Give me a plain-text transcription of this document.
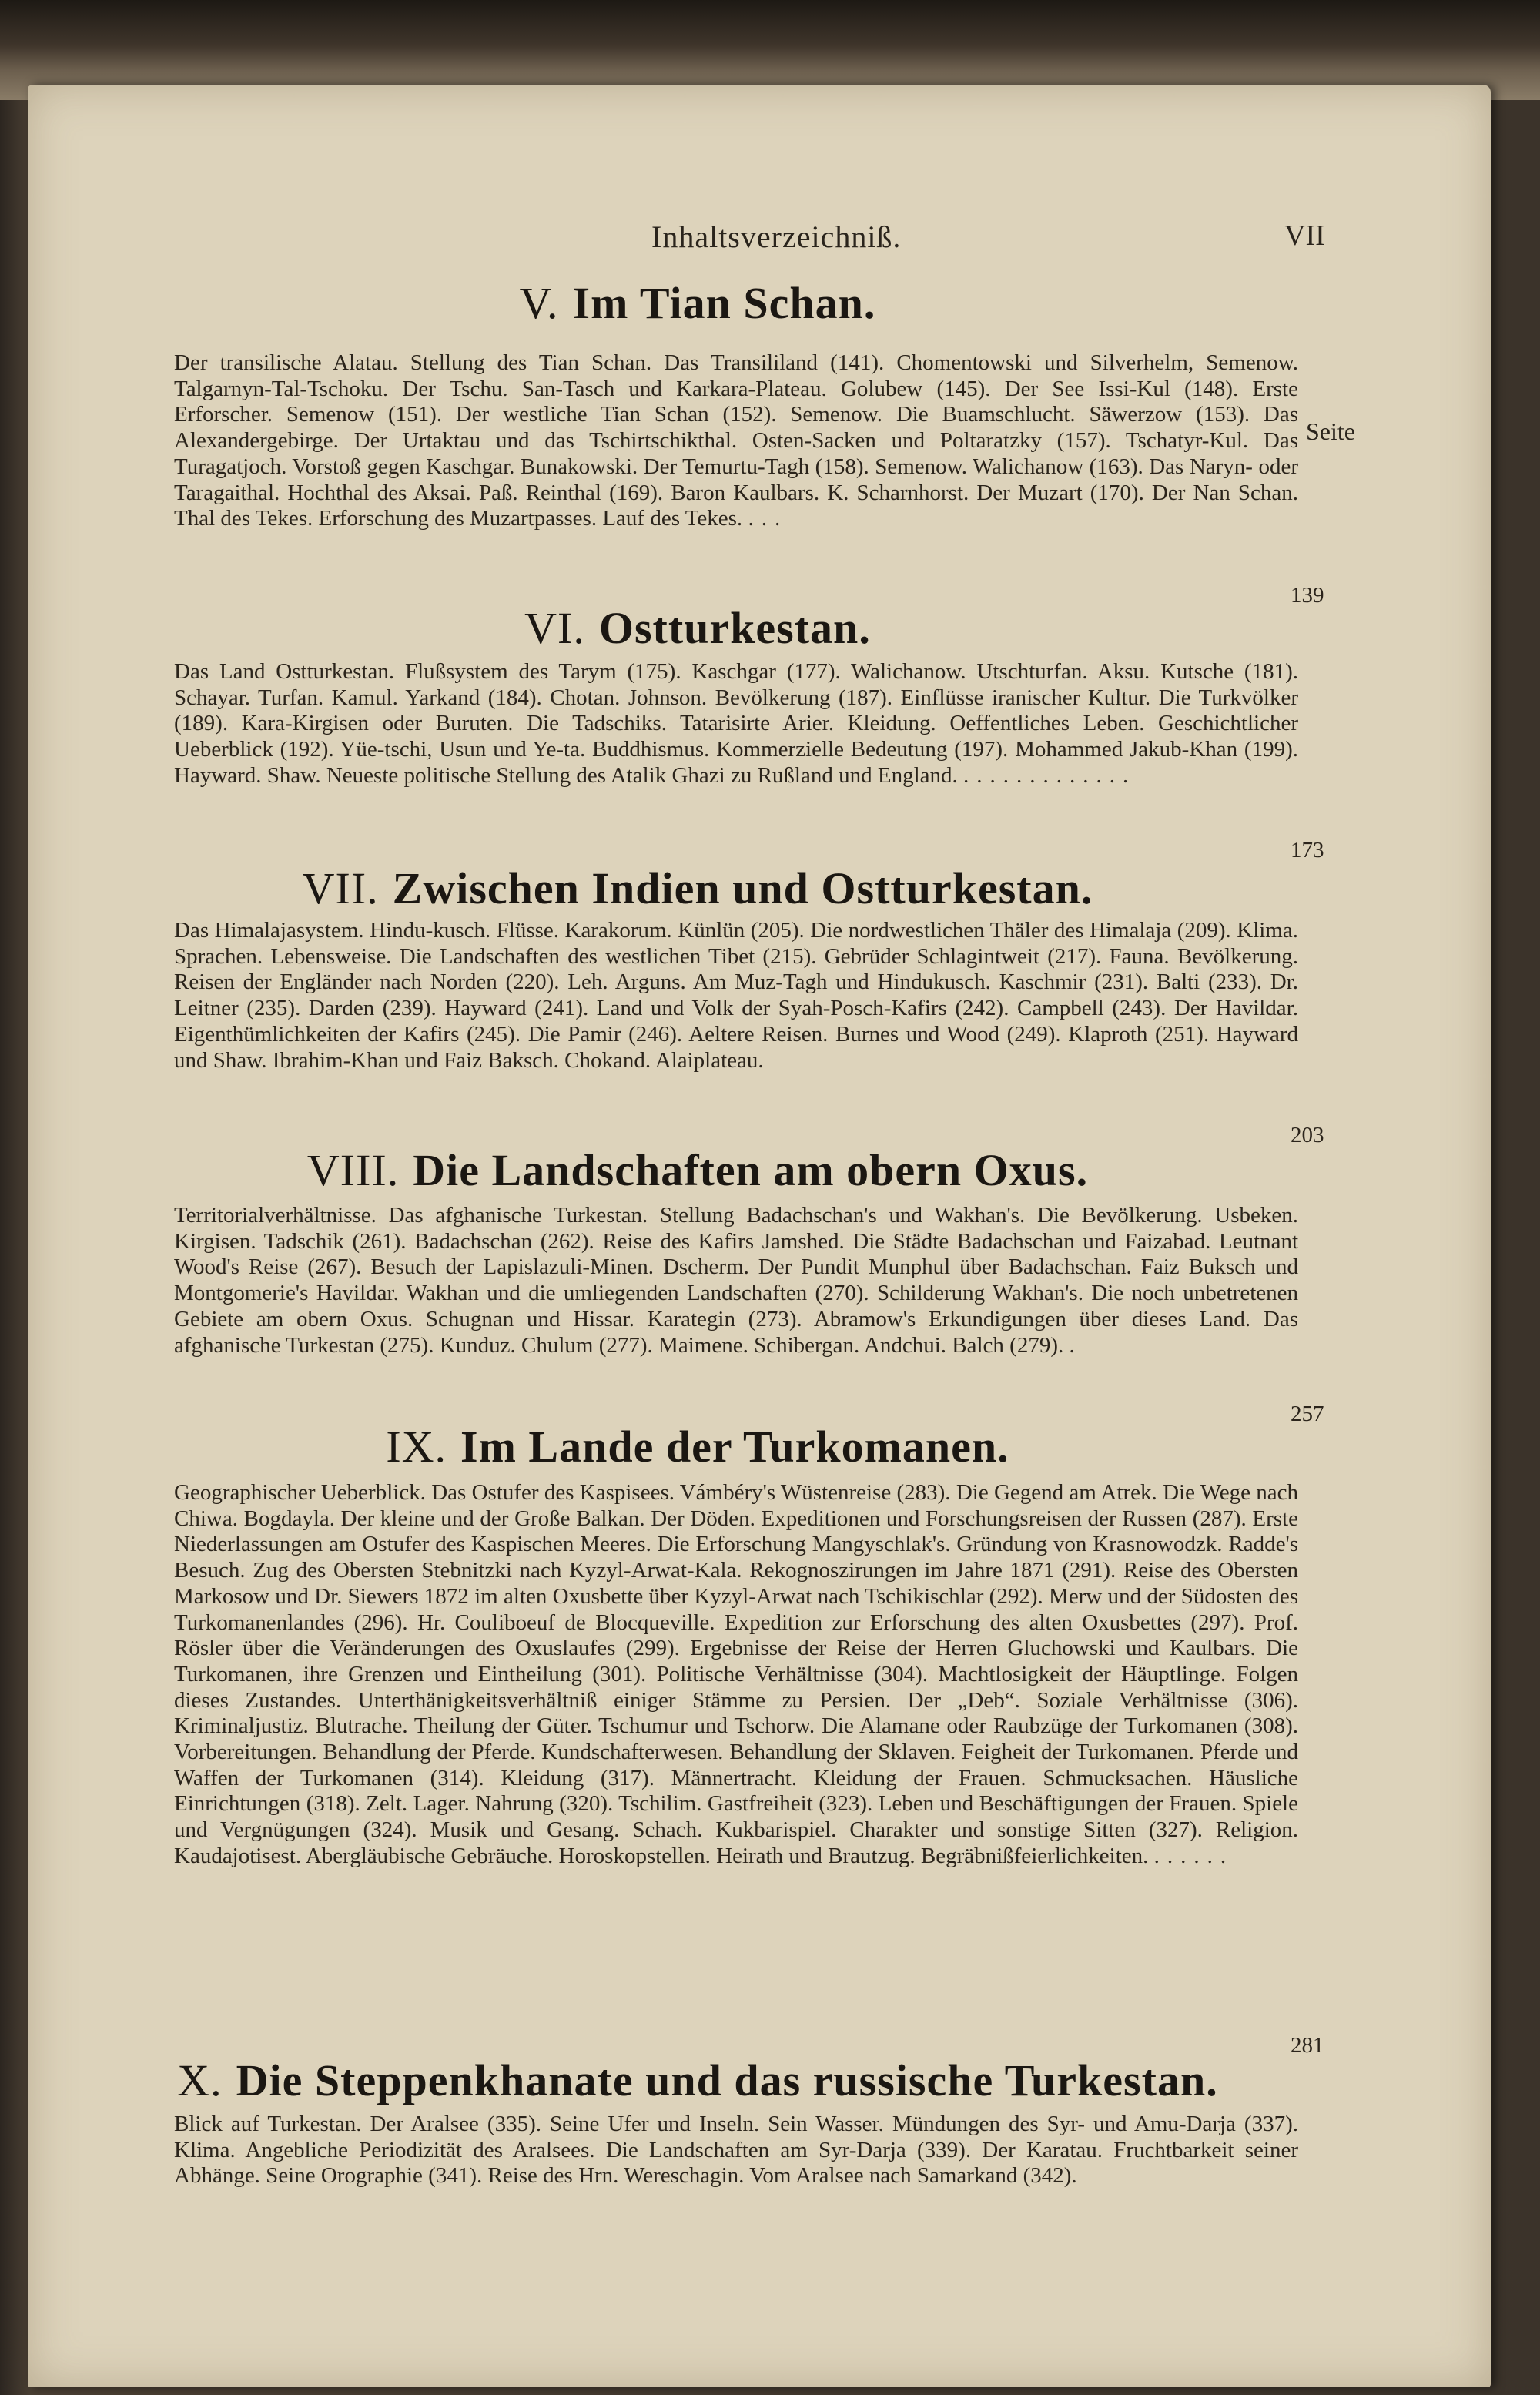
Inhaltsverzeichniß.	VII
V. Im Tian Schan.
Seite
Der transilische Alatau. Stellung des Tian Schan. Das Transililand (141). Chomentowski und Silverhelm, Semenow. Talgarnyn-Tal-Tschoku. Der Tschu. San-Tasch und Karkara-Plateau. Golubew (145). Der See Issi-Kul (148). Erste Erforscher. Semenow (151). Der westliche Tian Schan (152). Semenow. Die Buamschlucht. Säwerzow (153). Das Alexandergebirge. Der Urtaktau und das Tschirtschikthal. Osten-Sacken und Poltaratzky (157). Tschatyr-Kul. Das Turagatjoch. Vorstoß gegen Kaschgar. Bunakowski. Der Temurtu-Tagh (158). Semenow. Walichanow (163). Das Naryn- oder Taragaithal. Hochthal des Aksai. Paß. Reinthal (169). Baron Kaulbars. K. Scharnhorst. Der Muzart (170). Der Nan Schan. Thal des Tekes. Erforschung des Muzartpasses. Lauf des Tekes. ...
139
VI. Ostturkestan.
Das Land Ostturkestan. Flußsystem des Tarym (175). Kaschgar (177). Walichanow. Utschturfan. Aksu. Kutsche (181). Schayar. Turfan. Kamul. Yarkand (184). Chotan. Johnson. Bevölkerung (187). Einflüsse iranischer Kultur. Die Turkvölker (189). Kara-Kirgisen oder Buruten. Die Tadschiks. Tatarisirte Arier. Kleidung. Oeffentliches Leben. Geschichtlicher Ueberblick (192). Yüe-tschi, Usun und Ye-ta. Buddhismus. Kommerzielle Bedeutung (197). Mohammed Jakub-Khan (199). Hayward. Shaw. Neueste politische Stellung des Atalik Ghazi zu Rußland und England. .............
173
VII. Zwischen Indien und Ostturkestan.
Das Himalajasystem. Hindu-kusch. Flüsse. Karakorum. Künlün (205). Die nordwestlichen Thäler des Himalaja (209). Klima. Sprachen. Lebensweise. Die Landschaften des westlichen Tibet (215). Gebrüder Schlagintweit (217). Fauna. Bevölkerung. Reisen der Engländer nach Norden (220). Leh. Arguns. Am Muz-Tagh und Hindukusch. Kaschmir (231). Balti (233). Dr. Leitner (235). Darden (239). Hayward (241). Land und Volk der Syah-Posch-Kafirs (242). Campbell (243). Der Havildar. Eigenthümlichkeiten der Kafirs (245). Die Pamir (246). Aeltere Reisen. Burnes und Wood (249). Klaproth (251). Hayward und Shaw. Ibrahim-Khan und Faiz Baksch. Chokand. Alaiplateau.
203
VIII. Die Landschaften am obern Oxus.
Territorialverhältnisse. Das afghanische Turkestan. Stellung Badachschan's und Wakhan's. Die Bevölkerung. Usbeken. Kirgisen. Tadschik (261). Badachschan (262). Reise des Kafirs Jamshed. Die Städte Badachschan und Faizabad. Leutnant Wood's Reise (267). Besuch der Lapislazuli-Minen. Dscherm. Der Pundit Munphul über Badachschan. Faiz Buksch und Montgomerie's Havildar. Wakhan und die umliegenden Landschaften (270). Schilderung Wakhan's. Die noch unbetretenen Gebiete am obern Oxus. Schugnan und Hissar. Karategin (273). Abramow's Erkundigungen über dieses Land. Das afghanische Turkestan (275). Kunduz. Chulum (277). Maimene. Schibergan. Andchui. Balch (279). .
257
IX. Im Lande der Turkomanen.
Geographischer Ueberblick. Das Ostufer des Kaspisees. Vámbéry's Wüstenreise (283). Die Gegend am Atrek. Die Wege nach Chiwa. Bogdayla. Der kleine und der Große Balkan. Der Döden. Expeditionen und Forschungsreisen der Russen (287). Erste Niederlassungen am Ostufer des Kaspischen Meeres. Die Erforschung Mangyschlak's. Gründung von Krasnowodzk. Radde's Besuch. Zug des Obersten Stebnitzki nach Kyzyl-Arwat-Kala. Rekognoszirungen im Jahre 1871 (291). Reise des Obersten Markosow und Dr. Siewers 1872 im alten Oxusbette über Kyzyl-Arwat nach Tschikischlar (292). Merw und der Südosten des Turkomanenlandes (296). Hr. Couliboeuf de Blocqueville. Expedition zur Erforschung des alten Oxusbettes (297). Prof. Rösler über die Veränderungen des Oxuslaufes (299). Ergebnisse der Reise der Herren Gluchowski und Kaulbars. Die Turkomanen, ihre Grenzen und Eintheilung (301). Politische Verhältnisse (304). Machtlosigkeit der Häuptlinge. Folgen dieses Zustandes. Unterthänigkeitsverhältniß einiger Stämme zu Persien. Der „Deb“. Soziale Verhältnisse (306). Kriminaljustiz. Blutrache. Theilung der Güter. Tschumur und Tschorw. Die Alamane oder Raubzüge der Turkomanen (308). Vorbereitungen. Behandlung der Pferde. Kundschafterwesen. Behandlung der Sklaven. Feigheit der Turkomanen. Pferde und Waffen der Turkomanen (314). Kleidung (317). Männertracht. Kleidung der Frauen. Schmucksachen. Häusliche Einrichtungen (318). Zelt. Lager. Nahrung (320). Tschilim. Gastfreiheit (323). Leben und Beschäftigungen der Frauen. Spiele und Vergnügungen (324). Musik und Gesang. Schach. Kukbarispiel. Charakter und sonstige Sitten (327). Religion. Kaudajotisest. Abergläubische Gebräuche. Horoskopstellen. Heirath und Brautzug. Begräbnißfeierlichkeiten. ......
281
X. Die Steppenkhanate und das russische Turkestan.
Blick auf Turkestan. Der Aralsee (335). Seine Ufer und Inseln. Sein Wasser. Mündungen des Syr- und Amu-Darja (337). Klima. Angebliche Periodizität des Aralsees. Die Landschaften am Syr-Darja (339). Der Karatau. Fruchtbarkeit seiner Abhänge. Seine Orographie (341). Reise des Hrn. Wereschagin. Vom Aralsee nach Samarkand (342).
